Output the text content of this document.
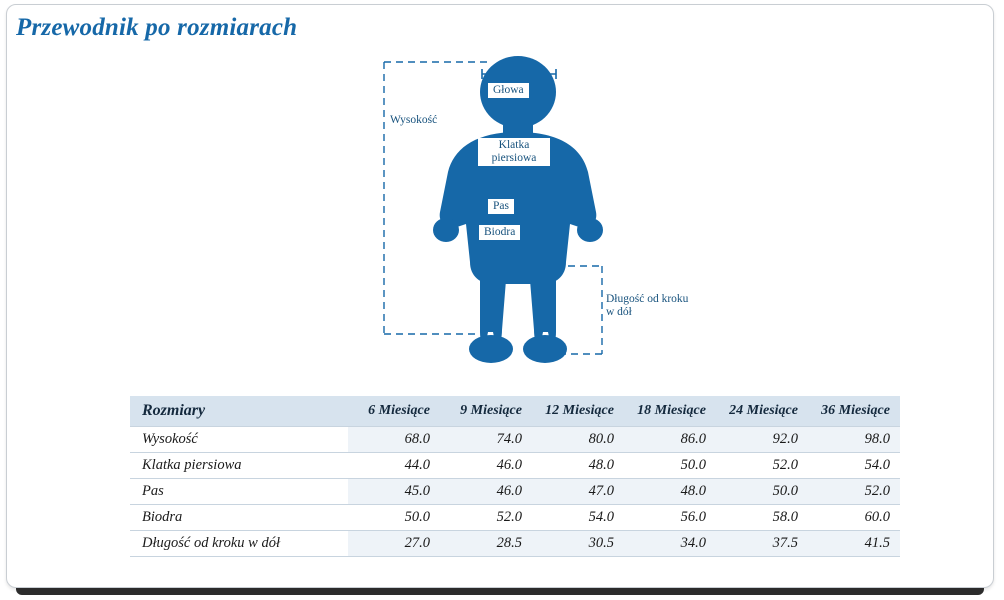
Przewodnik po rozmiarach
Głowa
Klatka piersiowa
Pas
Biodra
Wysokość
Długość od kroku w dół
Rozmiary	6 Miesiące	9 Miesiące	12 Miesiące	18 Miesiące	24 Miesiące	36 Miesiące
Wysokość	68.0	74.0	80.0	86.0	92.0	98.0
Klatka piersiowa	44.0	46.0	48.0	50.0	52.0	54.0
Pas	45.0	46.0	47.0	48.0	50.0	52.0
Biodra	50.0	52.0	54.0	56.0	58.0	60.0
Długość od kroku w dół	27.0	28.5	30.5	34.0	37.5	41.5
